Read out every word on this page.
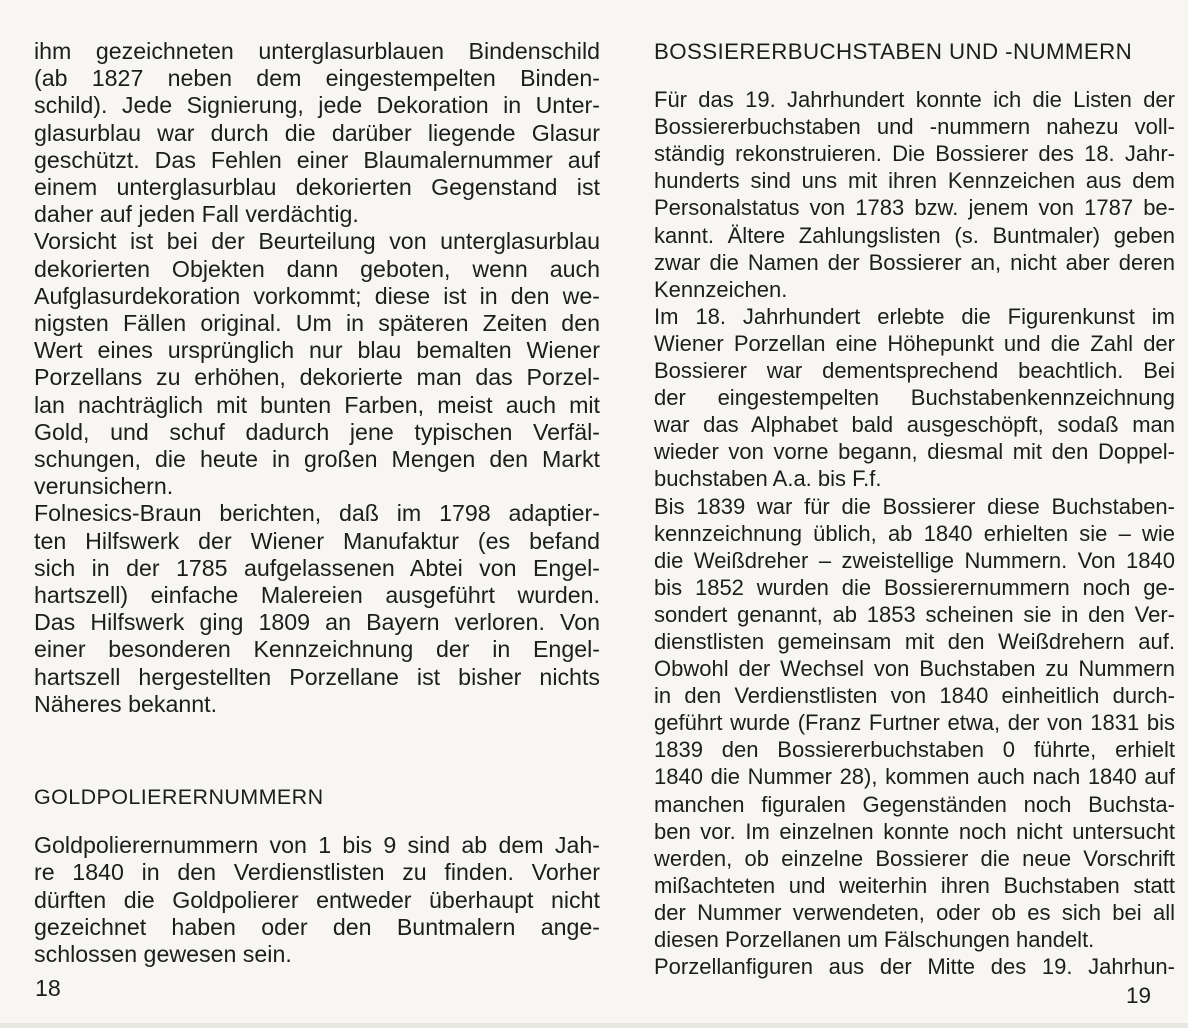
ihm gezeichneten unterglasurblauen Bindenschild
(ab 1827 neben dem eingestempelten Binden-
schild). Jede Signierung, jede Dekoration in Unter-
glasurblau war durch die darüber liegende Glasur
geschützt. Das Fehlen einer Blaumalernummer auf
einem unterglasurblau dekorierten Gegenstand ist
daher auf jeden Fall verdächtig.
Vorsicht ist bei der Beurteilung von unterglasurblau
dekorierten Objekten dann geboten, wenn auch
Aufglasurdekoration vorkommt; diese ist in den we-
nigsten Fällen original. Um in späteren Zeiten den
Wert eines ursprünglich nur blau bemalten Wiener
Porzellans zu erhöhen, dekorierte man das Porzel-
lan nachträglich mit bunten Farben, meist auch mit
Gold, und schuf dadurch jene typischen Verfäl-
schungen, die heute in großen Mengen den Markt
verunsichern.
Folnesics-Braun berichten, daß im 1798 adaptier-
ten Hilfswerk der Wiener Manufaktur (es befand
sich in der 1785 aufgelassenen Abtei von Engel-
hartszell) einfache Malereien ausgeführt wurden.
Das Hilfswerk ging 1809 an Bayern verloren. Von
einer besonderen Kennzeichnung der in Engel-
hartszell hergestellten Porzellane ist bisher nichts
Näheres bekannt.
GOLDPOLIERERNUMMERN
Goldpolierernummern von 1 bis 9 sind ab dem Jah-
re 1840 in den Verdienstlisten zu finden. Vorher
dürften die Goldpolierer entweder überhaupt nicht
gezeichnet haben oder den Buntmalern ange-
schlossen gewesen sein.
BOSSIERERBUCHSTABEN UND -NUMMERN
Für das 19. Jahrhundert konnte ich die Listen der
Bossiererbuchstaben und -nummern nahezu voll-
ständig rekonstruieren. Die Bossierer des 18. Jahr-
hunderts sind uns mit ihren Kennzeichen aus dem
Personalstatus von 1783 bzw. jenem von 1787 be-
kannt. Ältere Zahlungslisten (s. Buntmaler) geben
zwar die Namen der Bossierer an, nicht aber deren
Kennzeichen.
Im 18. Jahrhundert erlebte die Figurenkunst im
Wiener Porzellan eine Höhepunkt und die Zahl der
Bossierer war dementsprechend beachtlich. Bei
der eingestempelten Buchstabenkennzeichnung
war das Alphabet bald ausgeschöpft, sodaß man
wieder von vorne begann, diesmal mit den Doppel-
buchstaben A.a. bis F.f.
Bis 1839 war für die Bossierer diese Buchstaben-
kennzeichnung üblich, ab 1840 erhielten sie – wie
die Weißdreher – zweistellige Nummern. Von 1840
bis 1852 wurden die Bossierernummern noch ge-
sondert genannt, ab 1853 scheinen sie in den Ver-
dienstlisten gemeinsam mit den Weißdrehern auf.
Obwohl der Wechsel von Buchstaben zu Nummern
in den Verdienstlisten von 1840 einheitlich durch-
geführt wurde (Franz Furtner etwa, der von 1831 bis
1839 den Bossiererbuchstaben 0 führte, erhielt
1840 die Nummer 28), kommen auch nach 1840 auf
manchen figuralen Gegenständen noch Buchsta-
ben vor. Im einzelnen konnte noch nicht untersucht
werden, ob einzelne Bossierer die neue Vorschrift
mißachteten und weiterhin ihren Buchstaben statt
der Nummer verwendeten, oder ob es sich bei all
diesen Porzellanen um Fälschungen handelt.
Porzellanfiguren aus der Mitte des 19. Jahrhun-
18	19
